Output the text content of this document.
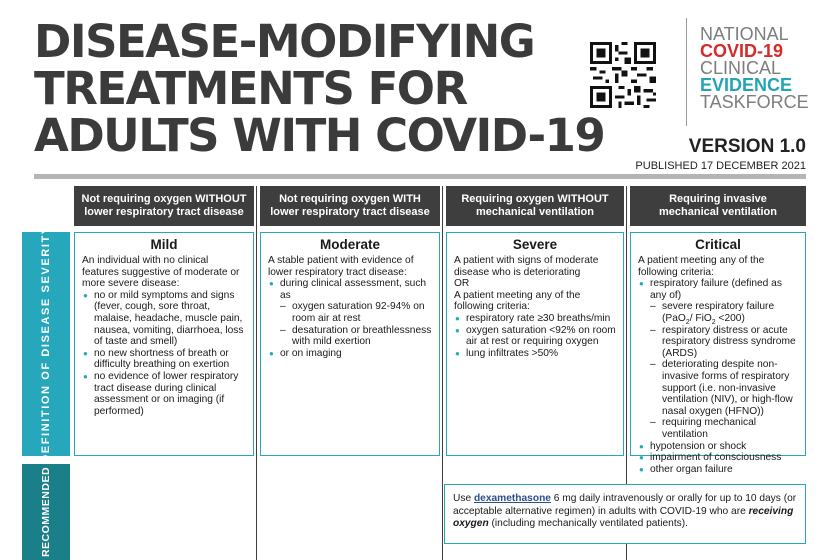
DISEASE-MODIFYING
TREATMENTS FOR
ADULTS WITH COVID-19
NATIONAL
COVID-19
CLINICAL
EVIDENCE
TASKFORCE
VERSION 1.0
PUBLISHED 17 DECEMBER 2021
Not requiring oxygen WITHOUT
lower respiratory tract disease
Not requiring oxygen WITH
lower respiratory tract disease
Requiring oxygen WITHOUT
mechanical ventilation
Requiring invasive
mechanical ventilation
DEFINITION OF DISEASE SEVERITY
RECOMMENDED
Mild

An individual with no clinical features suggestive of moderate or more severe disease:

● no or mild symptoms and signs (fever, cough, sore throat, malaise, headache, muscle pain, nausea, vomiting, diarrhoea, loss of taste and smell)
● no new shortness of breath or difficulty breathing on exertion
● no evidence of lower respiratory tract disease during clinical assessment or on imaging (if performed)
Moderate

A stable patient with evidence of lower respiratory tract disease:

● during clinical assessment, such as
– oxygen saturation 92-94% on room air at rest
– desaturation or breathlessness with mild exertion
● or on imaging
Severe

A patient with signs of moderate disease who is deteriorating

OR

A patient meeting any of the following criteria:

● respiratory rate ≥30 breaths/min
● oxygen saturation <92% on room air at rest or requiring oxygen
● lung infiltrates >50%
Critical

A patient meeting any of the following criteria:

● respiratory failure (defined as any of)
– severe respiratory failure (PaO$_2$/ FiO$_2$ <200)
– respiratory distress or acute respiratory distress syndrome (ARDS)
– deteriorating despite non-invasive forms of respiratory support (i.e. non-invasive ventilation (NIV), or high-flow nasal oxygen (HFNO))
– requiring mechanical ventilation
● hypotension or shock
● impairment of consciousness
● other organ failure
Use dexamethasone 6 mg daily intravenously or orally for up to 10 days (or acceptable alternative regimen) in adults with COVID-19 who are receiving oxygen (including mechanically ventilated patients).
